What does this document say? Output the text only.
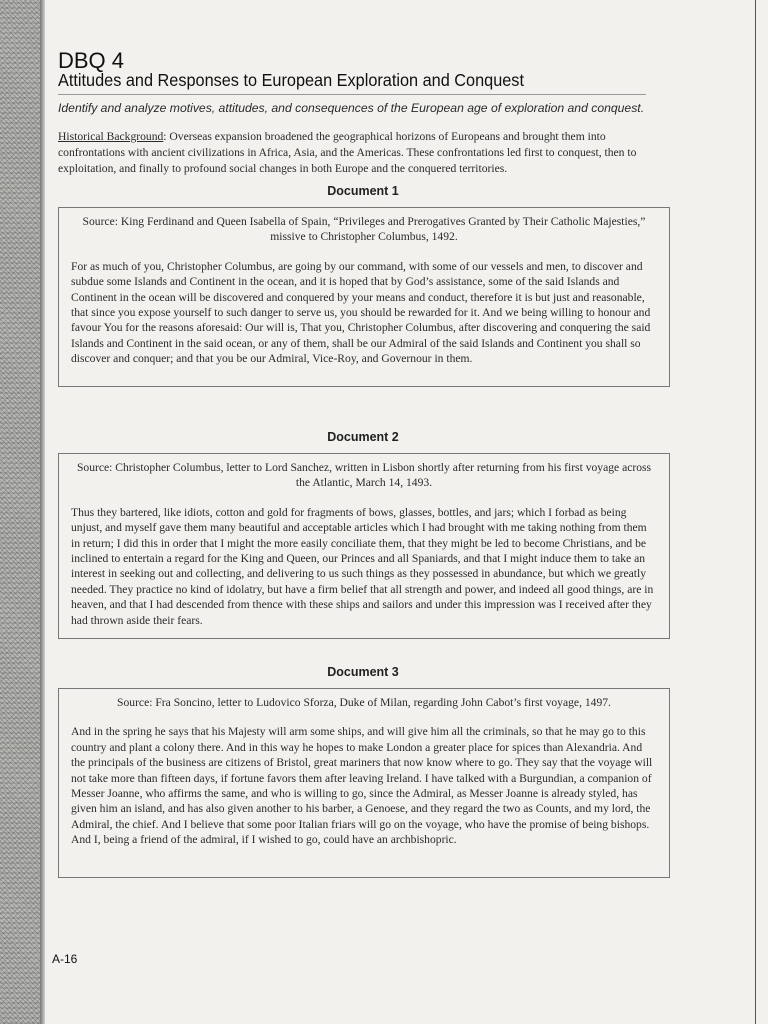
DBQ 4
Attitudes and Responses to European Exploration and Conquest
Identify and analyze motives, attitudes, and consequences of the European age of exploration and conquest.
Historical Background: Overseas expansion broadened the geographical horizons of Europeans and brought them into confrontations with ancient civilizations in Africa, Asia, and the Americas. These confrontations led first to conquest, then to exploitation, and finally to profound social changes in both Europe and the conquered territories.
Document 1

Source: King Ferdinand and Queen Isabella of Spain, “Privileges and Prerogatives Granted by Their Catholic Majesties,” missive to Christopher Columbus, 1492.

For as much of you, Christopher Columbus, are going by our command, with some of our vessels and men, to discover and subdue some Islands and Continent in the ocean, and it is hoped that by God’s assistance, some of the said Islands and Continent in the ocean will be discovered and conquered by your means and conduct, therefore it is but just and reasonable, that since you expose yourself to such danger to serve us, you should be rewarded for it. And we being willing to honour and favour You for the reasons aforesaid: Our will is, That you, Christopher Columbus, after discovering and conquering the said Islands and Continent in the said ocean, or any of them, shall be our Admiral of the said Islands and Continent you shall so discover and conquer; and that you be our Admiral, Vice-Roy, and Governour in them.

Document 2

Source: Christopher Columbus, letter to Lord Sanchez, written in Lisbon shortly after returning from his first voyage across the Atlantic, March 14, 1493.

Thus they bartered, like idiots, cotton and gold for fragments of bows, glasses, bottles, and jars; which I forbad as being unjust, and myself gave them many beautiful and acceptable articles which I had brought with me taking nothing from them in return; I did this in order that I might the more easily conciliate them, that they might be led to become Christians, and be inclined to entertain a regard for the King and Queen, our Princes and all Spaniards, and that I might induce them to take an interest in seeking out and collecting, and delivering to us such things as they possessed in abundance, but which we greatly needed. They practice no kind of idolatry, but have a firm belief that all strength and power, and indeed all good things, are in heaven, and that I had descended from thence with these ships and sailors and under this impression was I received after they had thrown aside their fears.

Document 3

Source: Fra Soncino, letter to Ludovico Sforza, Duke of Milan, regarding John Cabot’s first voyage, 1497.

And in the spring he says that his Majesty will arm some ships, and will give him all the criminals, so that he may go to this country and plant a colony there. And in this way he hopes to make London a greater place for spices than Alexandria. And the principals of the business are citizens of Bristol, great mariners that now know where to go. They say that the voyage will not take more than fifteen days, if fortune favors them after leaving Ireland. I have talked with a Burgundian, a companion of Messer Joanne, who affirms the same, and who is willing to go, since the Admiral, as Messer Joanne is already styled, has given him an island, and has also given another to his barber, a Genoese, and they regard the two as Counts, and my lord, the Admiral, the chief. And I believe that some poor Italian friars will go on the voyage, who have the promise of being bishops. And I, being a friend of the admiral, if I wished to go, could have an archbishopric.

A-16
